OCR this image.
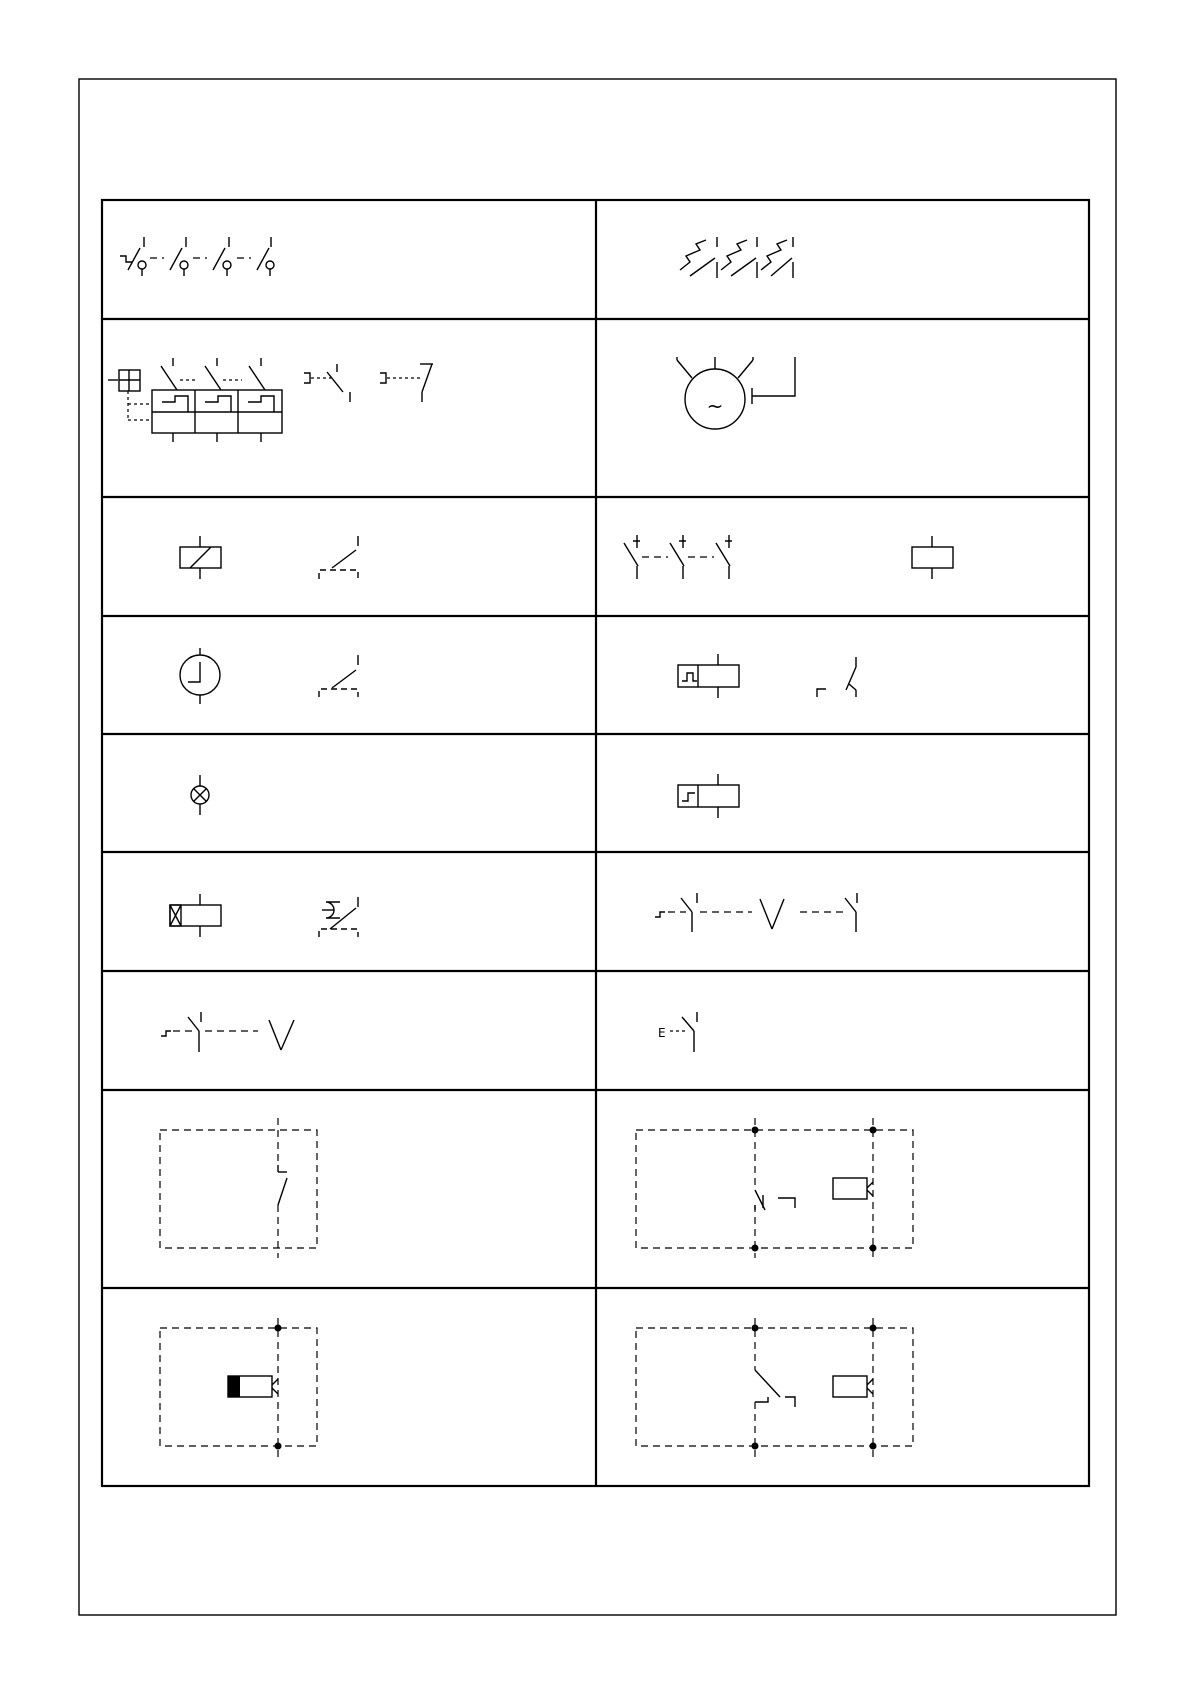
~
E
